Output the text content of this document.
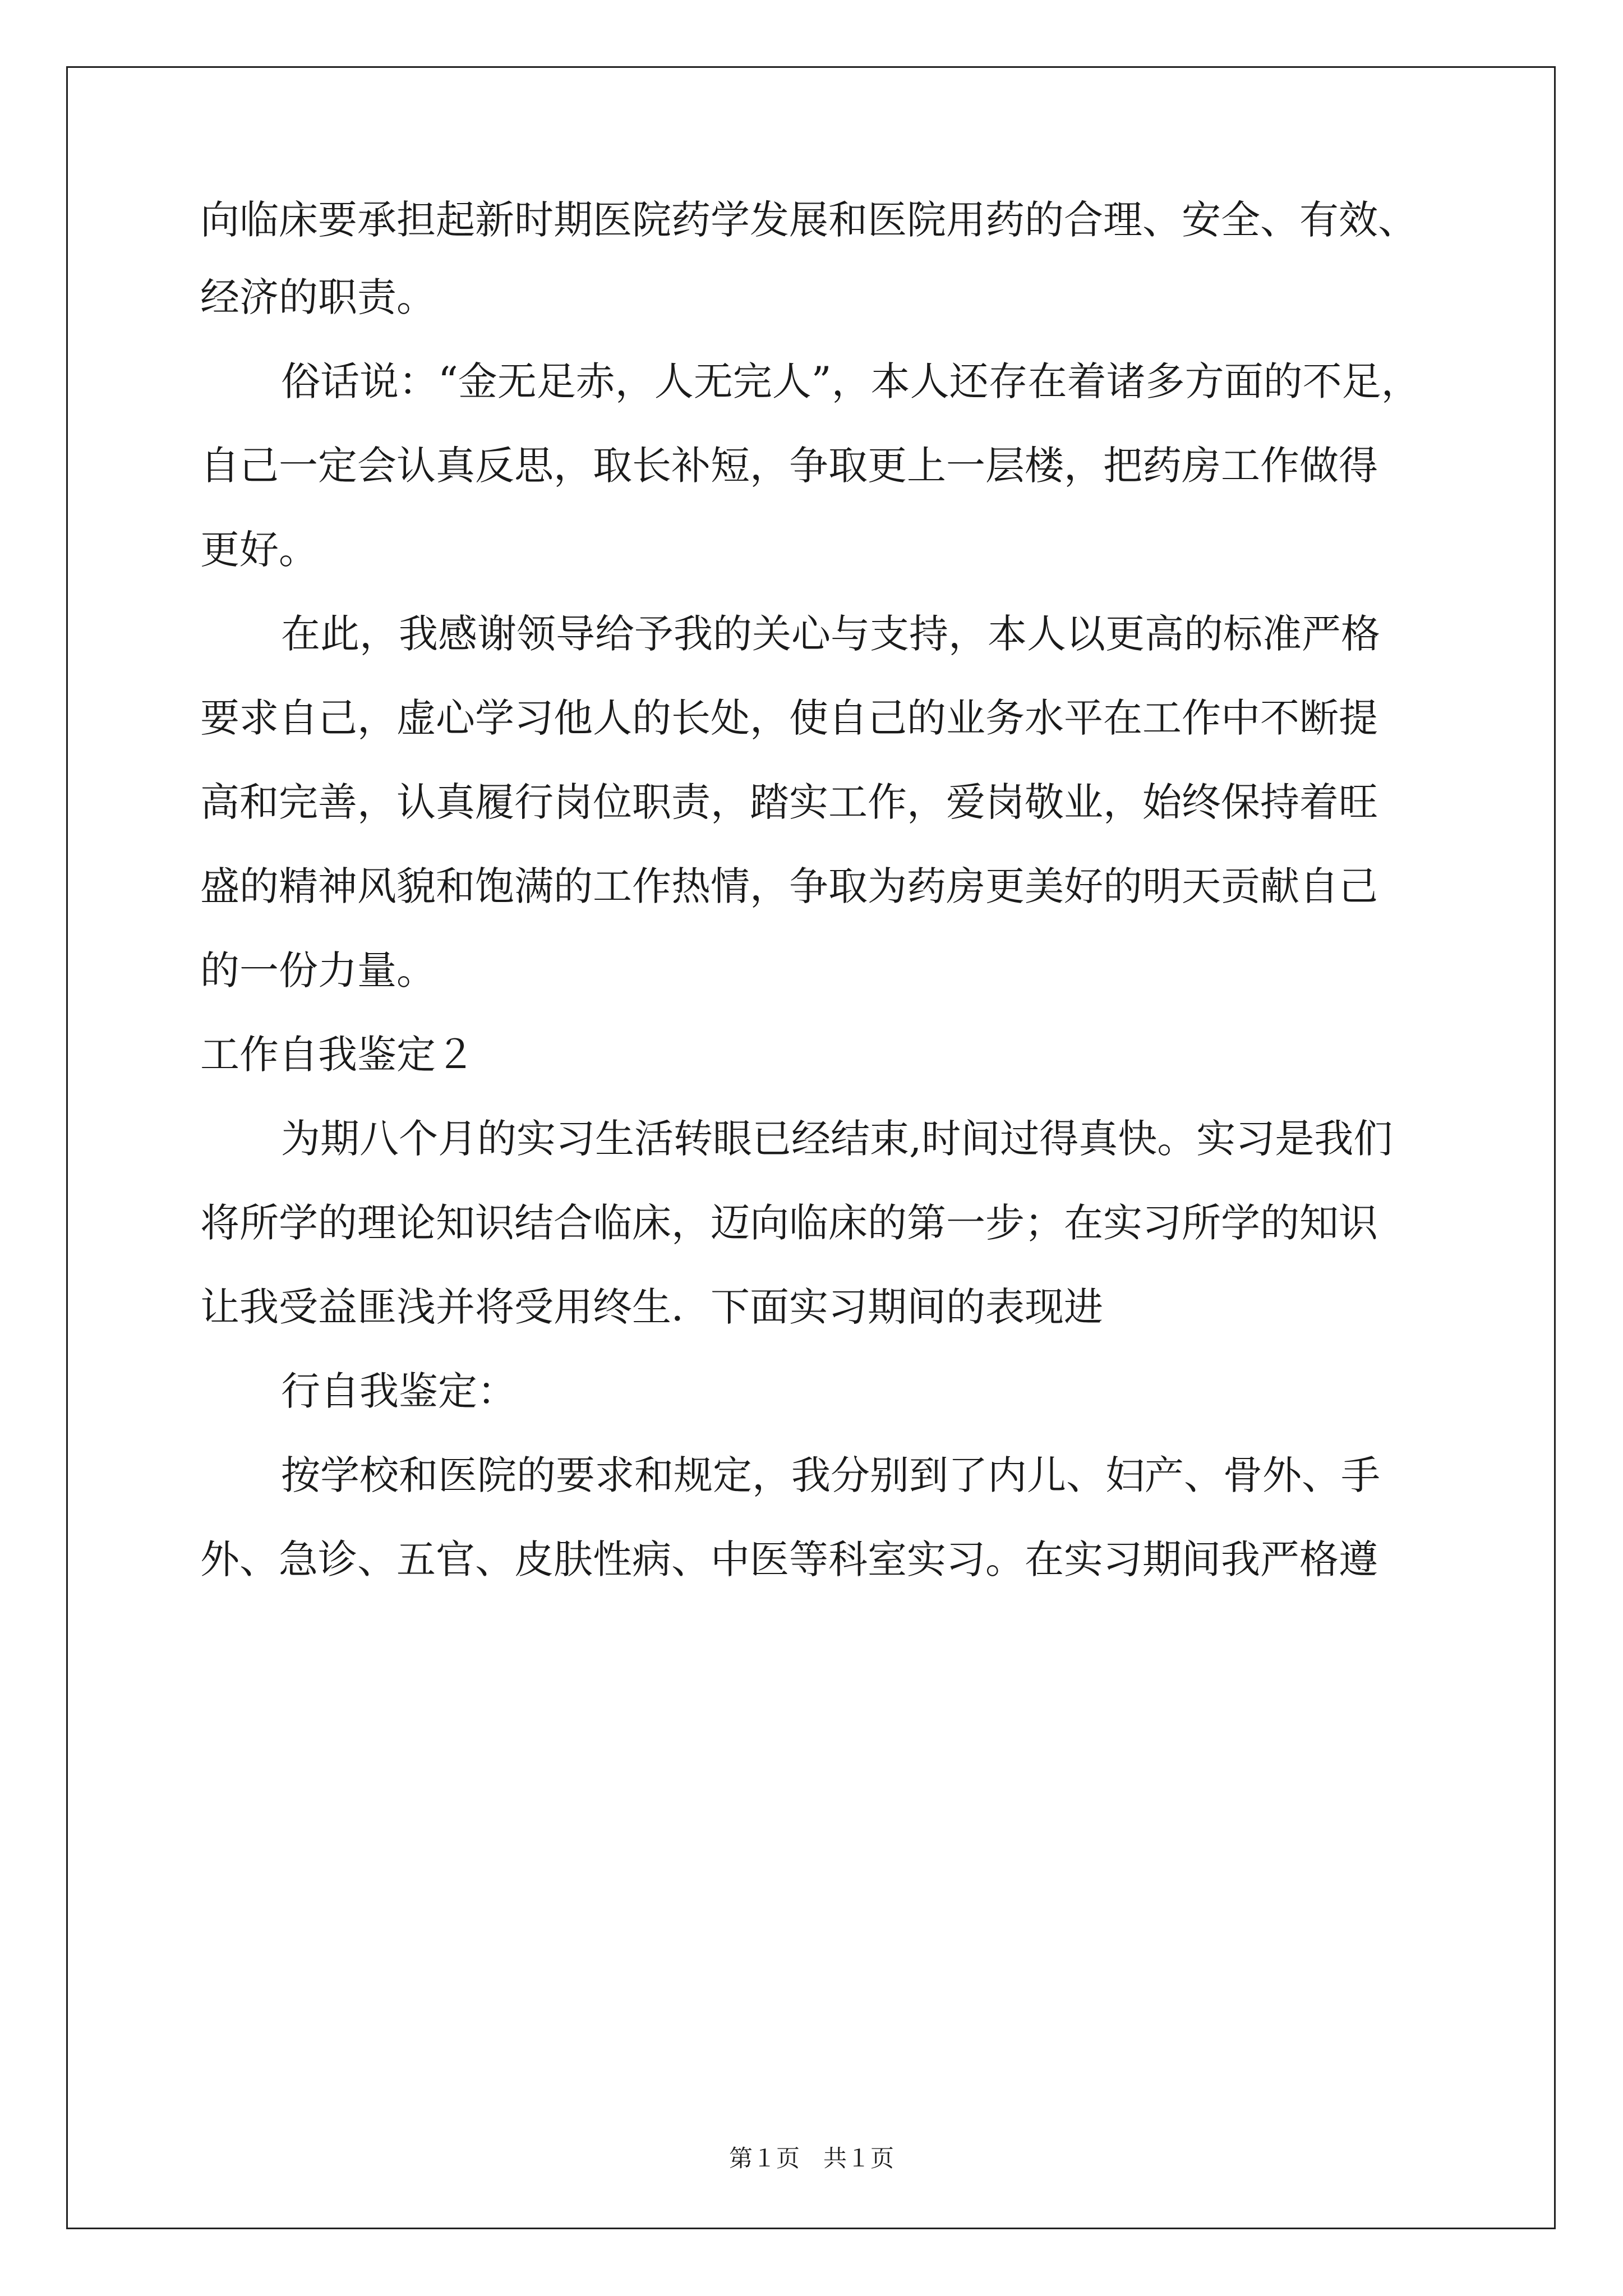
向临床要承担起新时期医院药学发展和医院用药的合理、安全、有效、
经济的职责。
俗话说：“金无足赤，人无完人”，本人还存在着诸多方面的不足，
自己一定会认真反思，取长补短，争取更上一层楼，把药房工作做得
更好。
在此，我感谢领导给予我的关心与支持，本人以更高的标准严格
要求自己，虚心学习他人的长处，使自己的业务水平在工作中不断提
高和完善，认真履行岗位职责，踏实工作，爱岗敬业，始终保持着旺
盛的精神风貌和饱满的工作热情，争取为药房更美好的明天贡献自己
的一份力量。
工作自我鉴定２
为期八个月的实习生活转眼已经结束,时间过得真快。实习是我们
将所学的理论知识结合临床，迈向临床的第一步；在实习所学的知识
让我受益匪浅并将受用终生．下面实习期间的表现进
行自我鉴定：
按学校和医院的要求和规定，我分别到了内儿、妇产、骨外、手
外、急诊、五官、皮肤性病、中医等科室实习。在实习期间我严格遵
第１页　共１页
